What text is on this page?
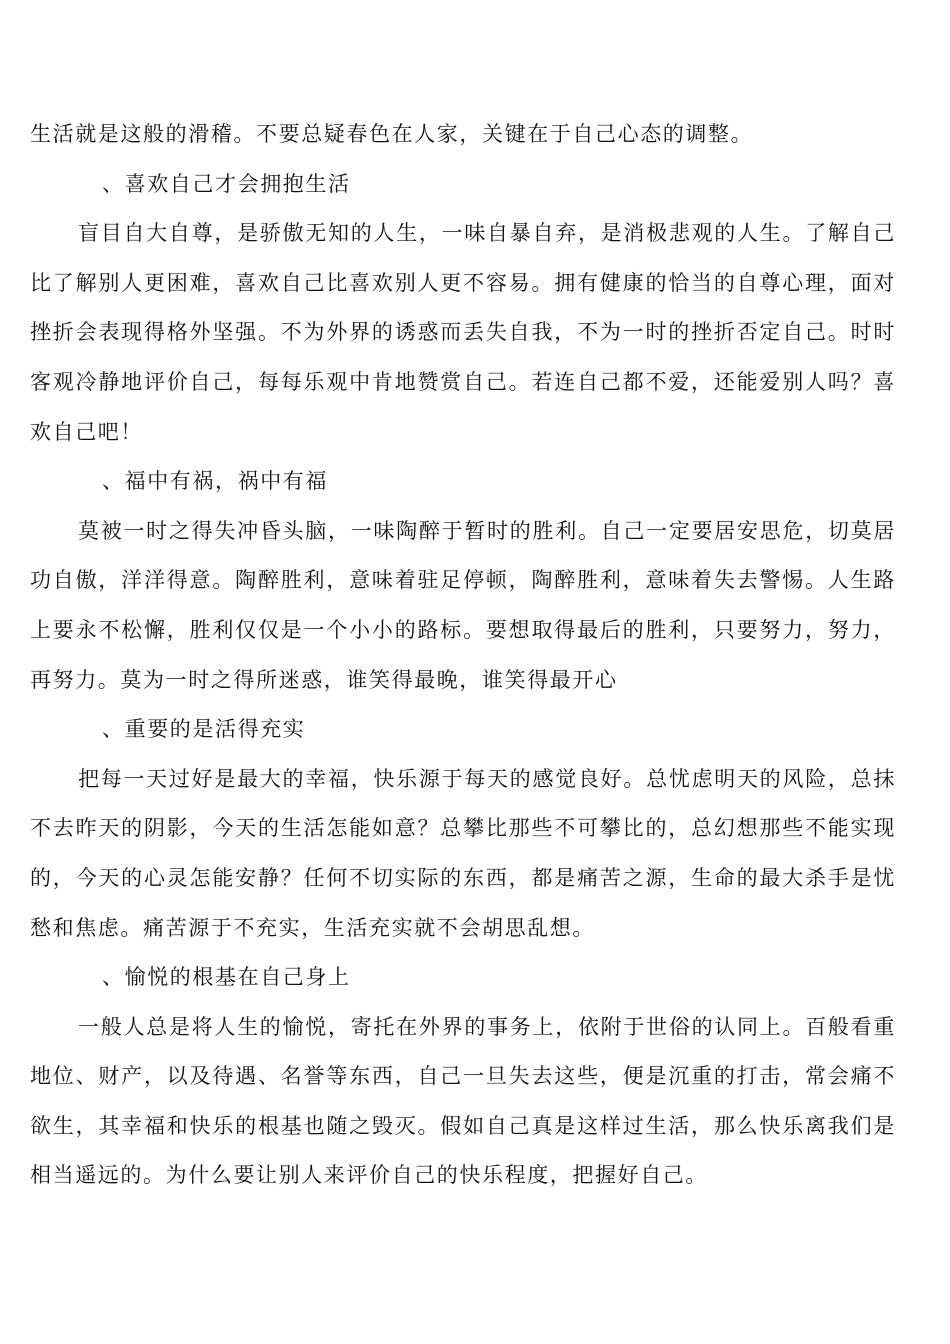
生活就是这般的滑稽。不要总疑春色在人家，关键在于自己心态的调整。

、喜欢自己才会拥抱生活

盲目自大自尊，是骄傲无知的人生，一味自暴自弃，是消极悲观的人生。了解自己比了解别人更困难，喜欢自己比喜欢别人更不容易。拥有健康的恰当的自尊心理，面对挫折会表现得格外坚强。不为外界的诱惑而丢失自我，不为一时的挫折否定自己。时时客观冷静地评价自己，每每乐观中肯地赞赏自己。若连自己都不爱，还能爱别人吗？喜欢自己吧！

、福中有祸，祸中有福

莫被一时之得失冲昏头脑，一味陶醉于暂时的胜利。自己一定要居安思危，切莫居功自傲，洋洋得意。陶醉胜利，意味着驻足停顿，陶醉胜利，意味着失去警惕。人生路上要永不松懈，胜利仅仅是一个小小的路标。要想取得最后的胜利，只要努力，努力，再努力。莫为一时之得所迷惑，谁笑得最晚，谁笑得最开心

、重要的是活得充实

把每一天过好是最大的幸福，快乐源于每天的感觉良好。总忧虑明天的风险，总抹不去昨天的阴影，今天的生活怎能如意？总攀比那些不可攀比的，总幻想那些不能实现的，今天的心灵怎能安静？任何不切实际的东西，都是痛苦之源，生命的最大杀手是忧愁和焦虑。痛苦源于不充实，生活充实就不会胡思乱想。

、愉悦的根基在自己身上

一般人总是将人生的愉悦，寄托在外界的事务上，依附于世俗的认同上。百般看重地位、财产，以及待遇、名誉等东西，自己一旦失去这些，便是沉重的打击，常会痛不欲生，其幸福和快乐的根基也随之毁灭。假如自己真是这样过生活，那么快乐离我们是相当遥远的。为什么要让别人来评价自己的快乐程度，把握好自己。
